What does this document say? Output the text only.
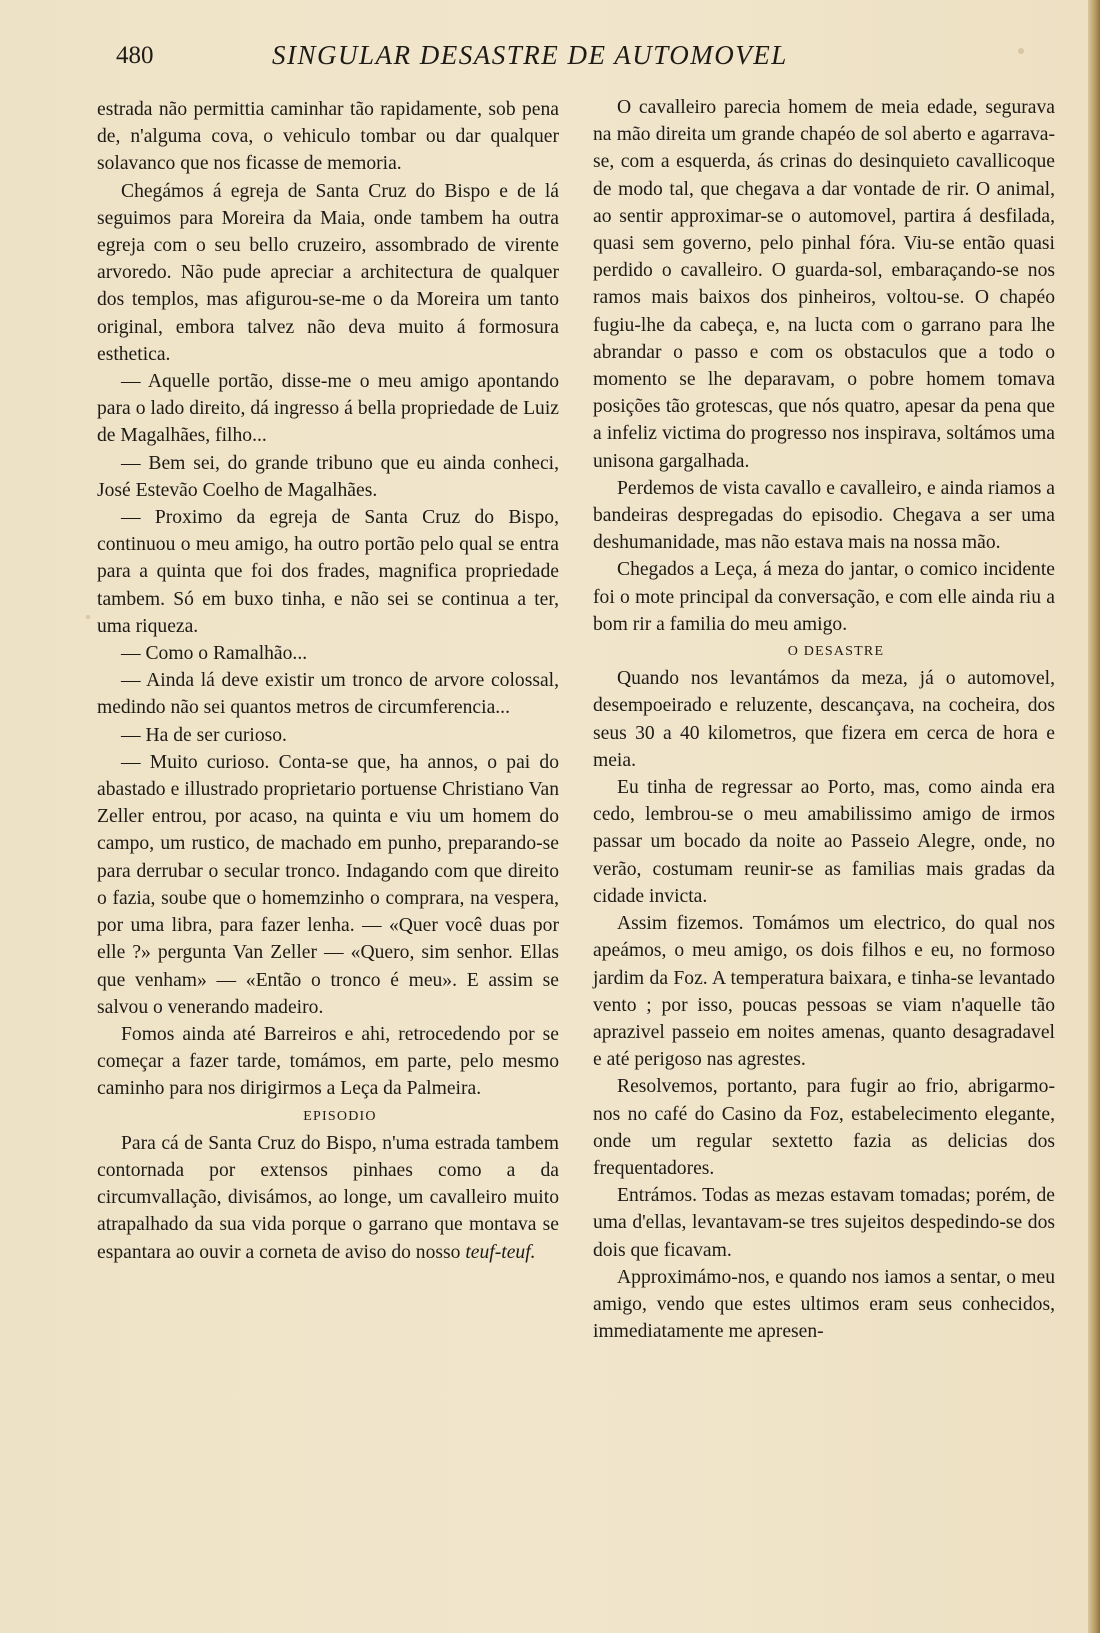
480	SINGULAR DESASTRE DE AUTOMOVEL

estrada não permittia caminhar tão rapidamente, sob pena de, n'alguma cova, o vehiculo tombar ou dar qualquer solavanco que nos ficasse de memoria.

Chegámos á egreja de Santa Cruz do Bispo e de lá seguimos para Moreira da Maia, onde tambem ha outra egreja com o seu bello cruzeiro, assombrado de virente arvoredo. Não pude apreciar a architectura de qualquer dos templos, mas afigurou-se-me o da Moreira um tanto original, embora talvez não deva muito á formosura esthetica.

— Aquelle portão, disse-me o meu amigo apontando para o lado direito, dá ingresso á bella propriedade de Luiz de Magalhães, filho...

— Bem sei, do grande tribuno que eu ainda conheci, José Estevão Coelho de Magalhães.

— Proximo da egreja de Santa Cruz do Bispo, continuou o meu amigo, ha outro portão pelo qual se entra para a quinta que foi dos frades, magnifica propriedade tambem. Só em buxo tinha, e não sei se continua a ter, uma riqueza.

— Como o Ramalhão...

— Ainda lá deve existir um tronco de arvore colossal, medindo não sei quantos metros de circumferencia...

— Ha de ser curioso.

— Muito curioso. Conta-se que, ha annos, o pai do abastado e illustrado proprietario portuense Christiano Van Zeller entrou, por acaso, na quinta e viu um homem do campo, um rustico, de machado em punho, preparando-se para derrubar o secular tronco. Indagando com que direito o fazia, soube que o homemzinho o comprara, na vespera, por uma libra, para fazer lenha. — «Quer você duas por elle ?» pergunta Van Zeller — «Quero, sim senhor. Ellas que venham» — «Então o tronco é meu». E assim se salvou o venerando madeiro.

Fomos ainda até Barreiros e ahi, retrocedendo por se começar a fazer tarde, tomámos, em parte, pelo mesmo caminho para nos dirigirmos a Leça da Palmeira.

EPISODIO

Para cá de Santa Cruz do Bispo, n'uma estrada tambem contornada por extensos pinhaes como a da circumvallação, divisámos, ao longe, um cavalleiro muito atrapalhado da sua vida porque o garrano que montava se espantara ao ouvir a corneta de aviso do nosso teuf-teuf.

O cavalleiro parecia homem de meia edade, segurava na mão direita um grande chapéo de sol aberto e agarrava-se, com a esquerda, ás crinas do desinquieto cavallicoque de modo tal, que chegava a dar vontade de rir. O animal, ao sentir approximar-se o automovel, partira á desfilada, quasi sem governo, pelo pinhal fóra. Viu-se então quasi perdido o cavalleiro. O guarda-sol, embaraçando-se nos ramos mais baixos dos pinheiros, voltou-se. O chapéo fugiu-lhe da cabeça, e, na lucta com o garrano para lhe abrandar o passo e com os obstaculos que a todo o momento se lhe deparavam, o pobre homem tomava posições tão grotescas, que nós quatro, apesar da pena que a infeliz victima do progresso nos inspirava, soltámos uma unisona gargalhada.

Perdemos de vista cavallo e cavalleiro, e ainda riamos a bandeiras despregadas do episodio. Chegava a ser uma deshumanidade, mas não estava mais na nossa mão.

Chegados a Leça, á meza do jantar, o comico incidente foi o mote principal da conversação, e com elle ainda riu a bom rir a familia do meu amigo.

O DESASTRE

Quando nos levantámos da meza, já o automovel, desempoeirado e reluzente, descançava, na cocheira, dos seus 30 a 40 kilometros, que fizera em cerca de hora e meia.

Eu tinha de regressar ao Porto, mas, como ainda era cedo, lembrou-se o meu amabilissimo amigo de irmos passar um bocado da noite ao Passeio Alegre, onde, no verão, costumam reunir-se as familias mais gradas da cidade invicta.

Assim fizemos. Tomámos um electrico, do qual nos apeámos, o meu amigo, os dois filhos e eu, no formoso jardim da Foz. A temperatura baixara, e tinha-se levantado vento ; por isso, poucas pessoas se viam n'aquelle tão aprazivel passeio em noites amenas, quanto desagradavel e até perigoso nas agrestes.

Resolvemos, portanto, para fugir ao frio, abrigarmo-nos no café do Casino da Foz, estabelecimento elegante, onde um regular sextetto fazia as delicias dos frequentadores.

Entrámos. Todas as mezas estavam tomadas; porém, de uma d'ellas, levantavam-se tres sujeitos despedindo-se dos dois que ficavam.

Approximámo-nos, e quando nos iamos a sentar, o meu amigo, vendo que estes ultimos eram seus conhecidos, immediatamente me apresen-
